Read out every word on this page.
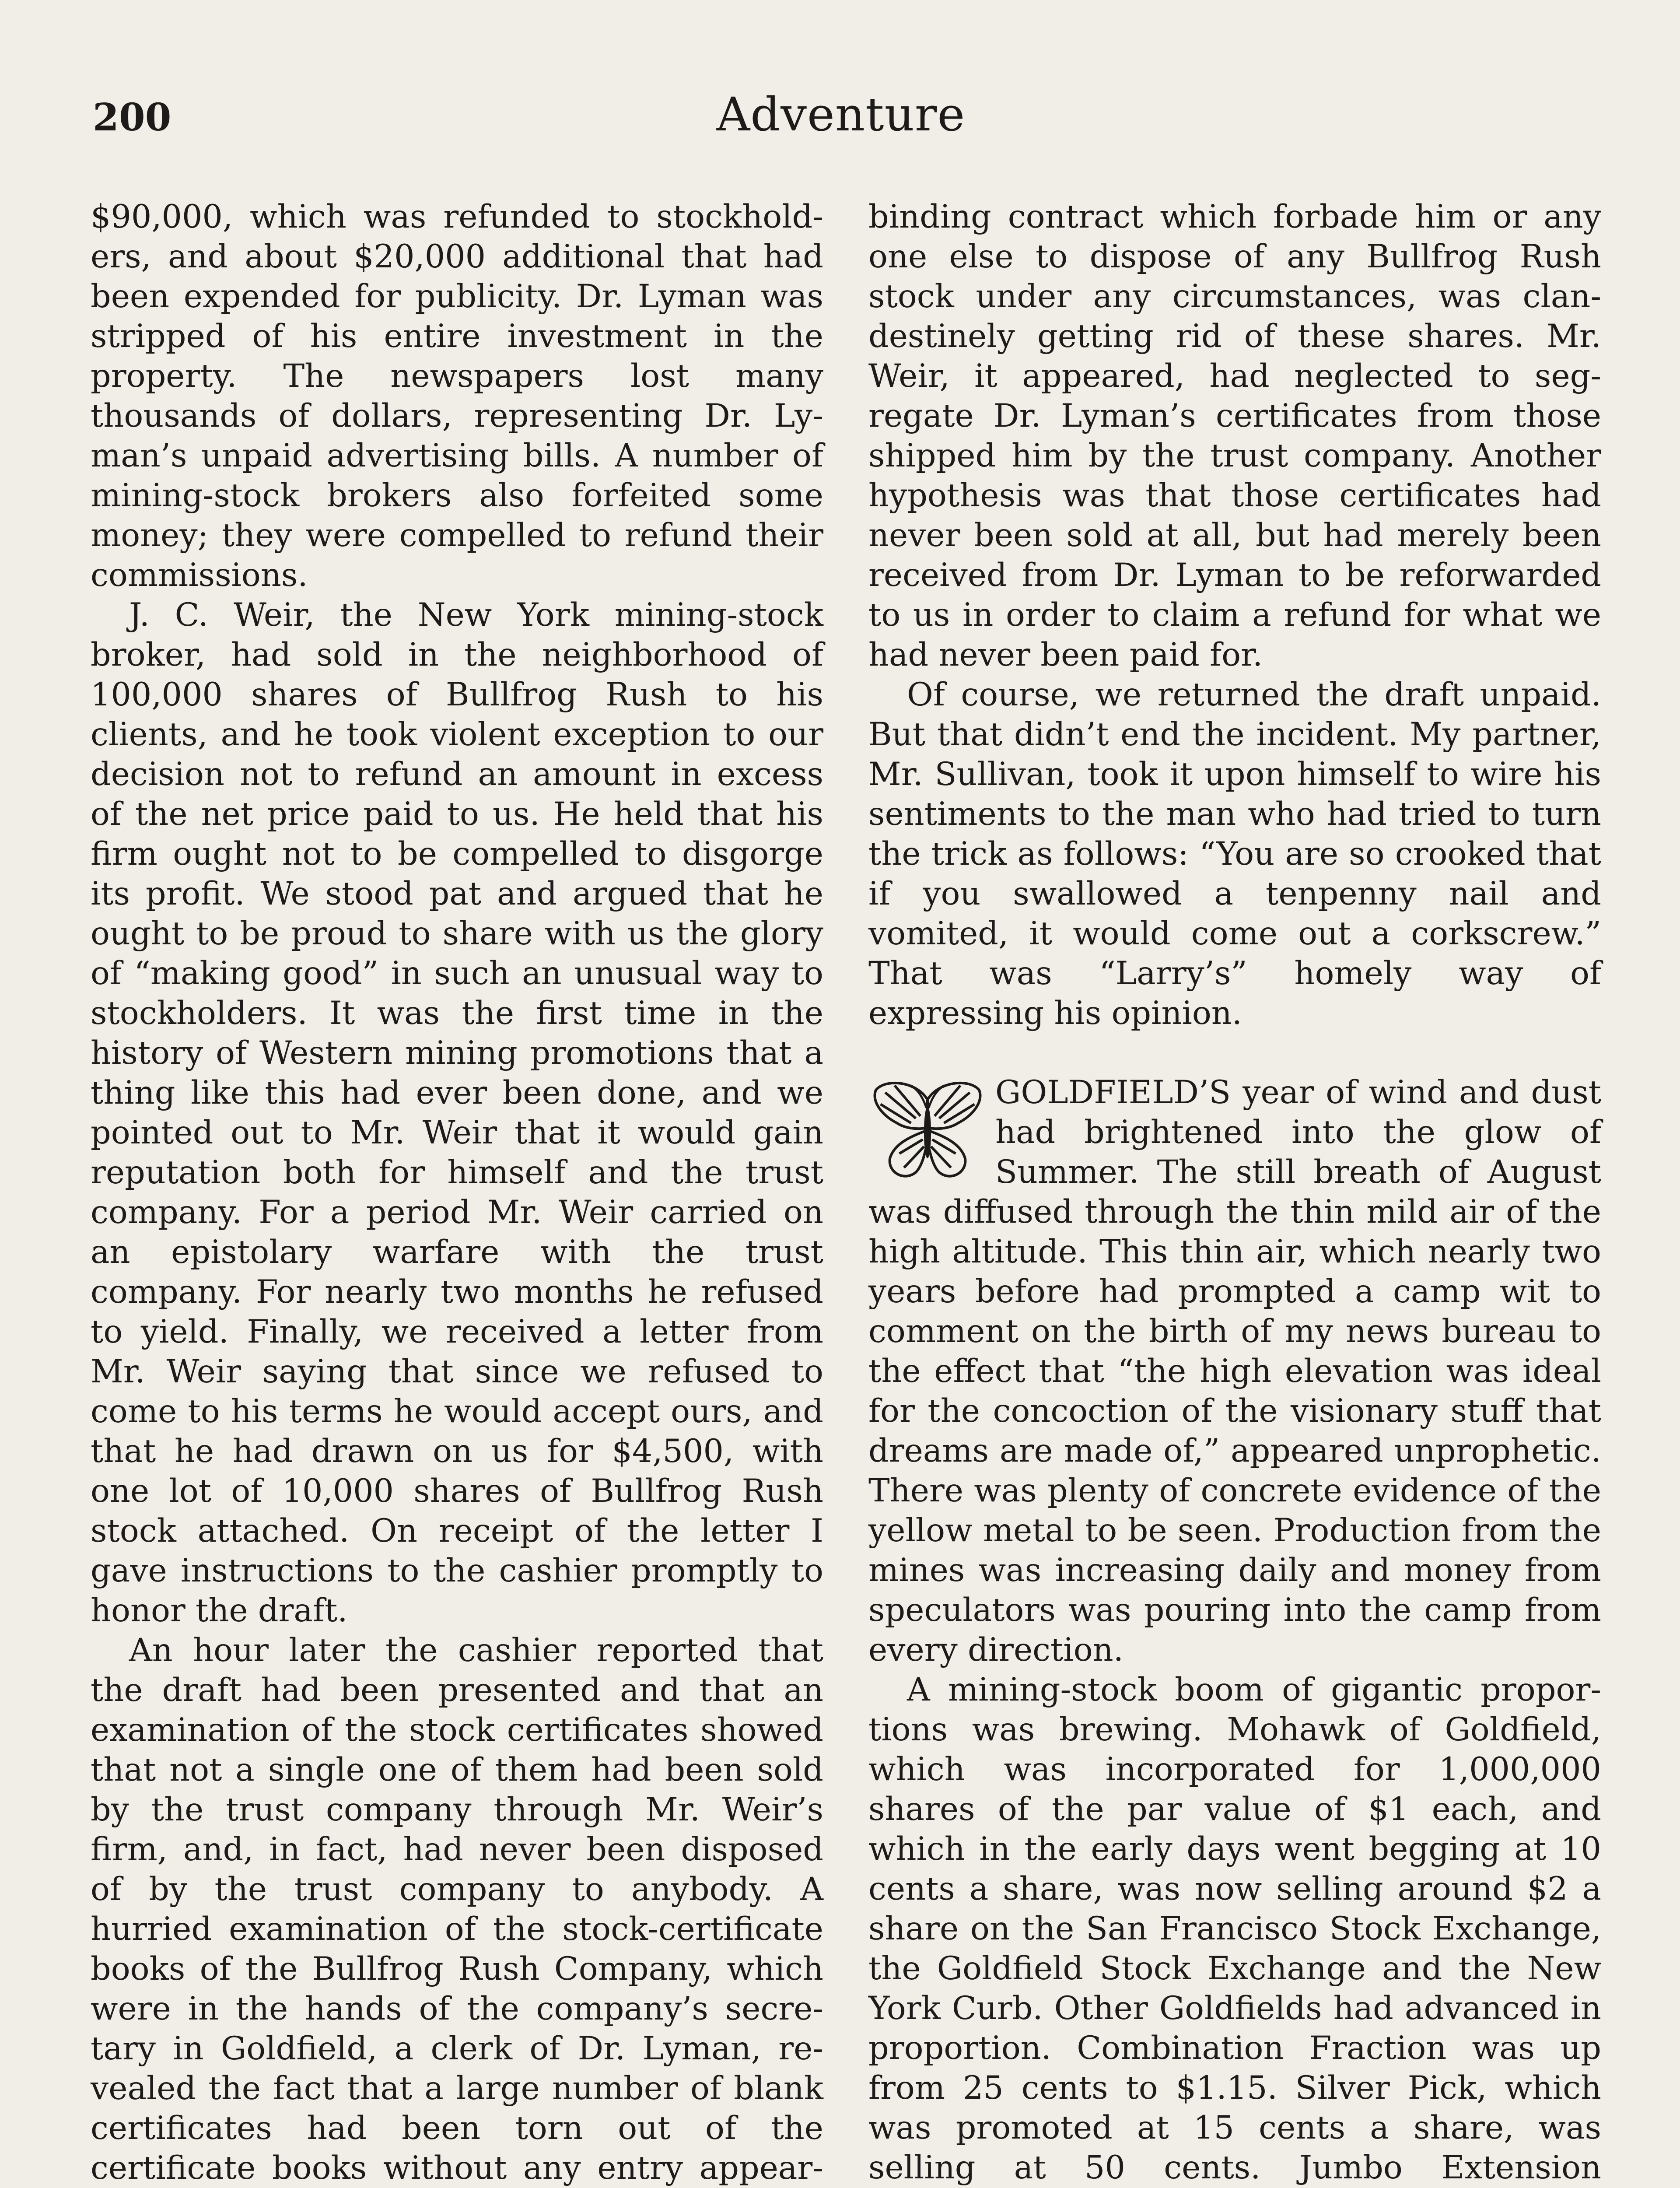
200	Adventure

$90,000, which was refunded to stockholders, and about $20,000 additional that had been expended for publicity. Dr. Lyman was stripped of his entire investment in the property. The newspapers lost many thousands of dollars, representing Dr. Lyman’s unpaid advertising bills. A number of mining-stock brokers also forfeited some money; they were compelled to refund their commissions.

J. C. Weir, the New York mining-stock broker, had sold in the neighborhood of 100,000 shares of Bullfrog Rush to his clients, and he took violent exception to our decision not to refund an amount in excess of the net price paid to us. He held that his firm ought not to be compelled to disgorge its profit. We stood pat and argued that he ought to be proud to share with us the glory of “making good” in such an unusual way to stockholders. It was the first time in the history of Western mining promotions that a thing like this had ever been done, and we pointed out to Mr. Weir that it would gain reputation both for himself and the trust company. For a period Mr. Weir carried on an epistolary warfare with the trust company. For nearly two months he refused to yield. Finally, we received a letter from Mr. Weir saying that since we refused to come to his terms he would accept ours, and that he had drawn on us for $4,500, with one lot of 10,000 shares of Bullfrog Rush stock attached. On receipt of the letter I gave instructions to the cashier promptly to honor the draft.

An hour later the cashier reported that the draft had been presented and that an examination of the stock certificates showed that not a single one of them had been sold by the trust company through Mr. Weir’s firm, and, in fact, had never been disposed of by the trust company to anybody. A hurried examination of the stock-certificate books of the Bullfrog Rush Company, which were in the hands of the company’s secretary in Goldfield, a clerk of Dr. Lyman, revealed the fact that a large number of blank certificates had been torn out of the certificate books without any entry appear

binding contract which forbade him or any one else to dispose of any Bullfrog Rush stock under any circumstances, was clandestinely getting rid of these shares. Mr. Weir, it appeared, had neglected to segregate Dr. Lyman’s certificates from those shipped him by the trust company. Another hypothesis was that those certificates had never been sold at all, but had merely been received from Dr. Lyman to be reforwarded to us in order to claim a refund for what we had never been paid for.

Of course, we returned the draft unpaid. But that didn’t end the incident. My partner, Mr. Sullivan, took it upon himself to wire his sentiments to the man who had tried to turn the trick as follows: “You are so crooked that if you swallowed a tenpenny nail and vomited, it would come out a corkscrew.” That was “Larry’s” homely way of expressing his opinion.

GOLDFIELD’S year of wind and dust had brightened into the glow of Summer. The still breath of August was diffused through the thin mild air of the high altitude. This thin air, which nearly two years before had prompted a camp wit to comment on the birth of my news bureau to the effect that “the high elevation was ideal for the concoction of the visionary stuff that dreams are made of,” appeared unprophetic. There was plenty of concrete evidence of the yellow metal to be seen. Production from the mines was increasing daily and money from speculators was pouring into the camp from every direction.

A mining-stock boom of gigantic proportions was brewing. Mohawk of Goldfield, which was incorporated for 1,000,000 shares of the par value of $1 each, and which in the early days went begging at 10 cents a share, was now selling around $2 a share on the San Francisco Stock Exchange, the Goldfield Stock Exchange and the New York Curb. Other Goldfields had advanced in proportion. Combination Fraction was up from 25 cents to $1.15. Silver Pick, which was promoted at 15 cents a share, was selling at 50 cents. Jumbo Extension
